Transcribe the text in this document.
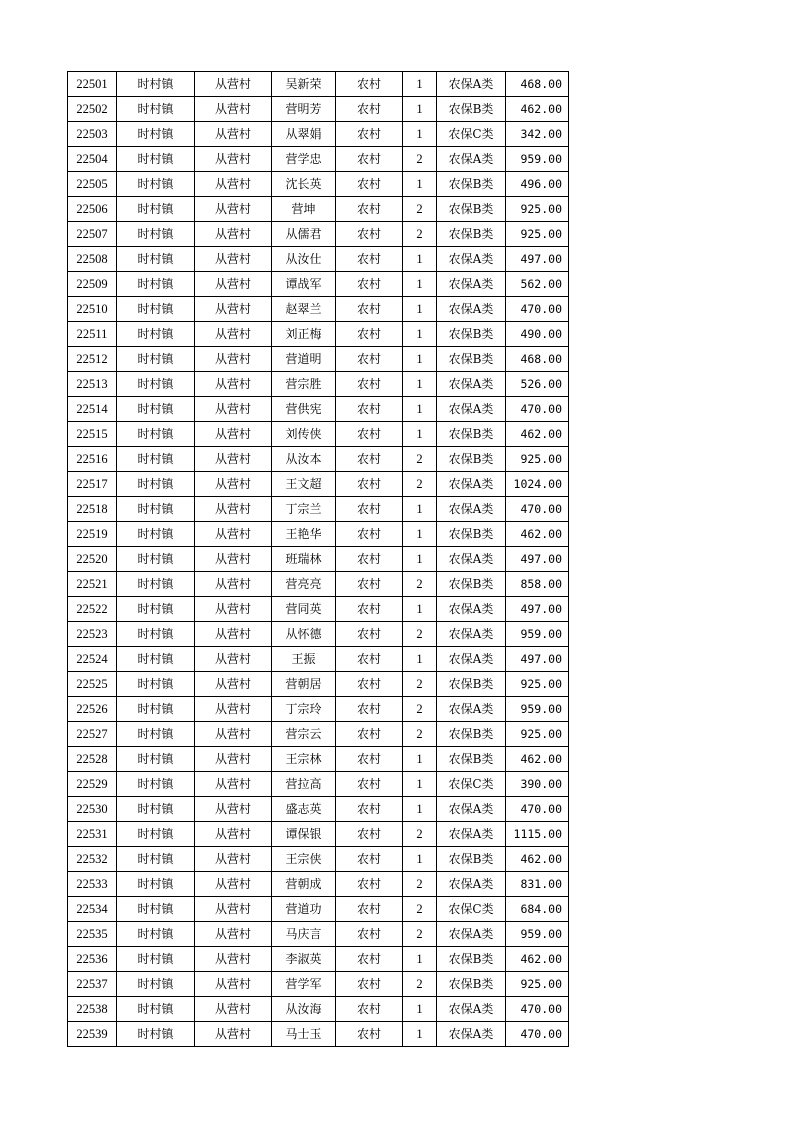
22501	时村镇	从营村	吴新荣	农村	1	农保A类	468.00
22502	时村镇	从营村	营明芳	农村	1	农保B类	462.00
22503	时村镇	从营村	从翠娟	农村	1	农保C类	342.00
22504	时村镇	从营村	营学忠	农村	2	农保A类	959.00
22505	时村镇	从营村	沈长英	农村	1	农保B类	496.00
22506	时村镇	从营村	营坤	农村	2	农保B类	925.00
22507	时村镇	从营村	从儒君	农村	2	农保B类	925.00
22508	时村镇	从营村	从汝仕	农村	1	农保A类	497.00
22509	时村镇	从营村	谭战军	农村	1	农保A类	562.00
22510	时村镇	从营村	赵翠兰	农村	1	农保A类	470.00
22511	时村镇	从营村	刘正梅	农村	1	农保B类	490.00
22512	时村镇	从营村	营道明	农村	1	农保B类	468.00
22513	时村镇	从营村	营宗胜	农村	1	农保A类	526.00
22514	时村镇	从营村	营供宪	农村	1	农保A类	470.00
22515	时村镇	从营村	刘传侠	农村	1	农保B类	462.00
22516	时村镇	从营村	从汝本	农村	2	农保B类	925.00
22517	时村镇	从营村	王文超	农村	2	农保A类	1024.00
22518	时村镇	从营村	丁宗兰	农村	1	农保A类	470.00
22519	时村镇	从营村	王艳华	农村	1	农保B类	462.00
22520	时村镇	从营村	班瑞林	农村	1	农保A类	497.00
22521	时村镇	从营村	营亮亮	农村	2	农保B类	858.00
22522	时村镇	从营村	营同英	农村	1	农保A类	497.00
22523	时村镇	从营村	从怀德	农村	2	农保A类	959.00
22524	时村镇	从营村	王振	农村	1	农保A类	497.00
22525	时村镇	从营村	营朝居	农村	2	农保B类	925.00
22526	时村镇	从营村	丁宗玲	农村	2	农保A类	959.00
22527	时村镇	从营村	营宗云	农村	2	农保B类	925.00
22528	时村镇	从营村	王宗林	农村	1	农保B类	462.00
22529	时村镇	从营村	营拉高	农村	1	农保C类	390.00
22530	时村镇	从营村	盛志英	农村	1	农保A类	470.00
22531	时村镇	从营村	谭保银	农村	2	农保A类	1115.00
22532	时村镇	从营村	王宗侠	农村	1	农保B类	462.00
22533	时村镇	从营村	营朝成	农村	2	农保A类	831.00
22534	时村镇	从营村	营道功	农村	2	农保C类	684.00
22535	时村镇	从营村	马庆言	农村	2	农保A类	959.00
22536	时村镇	从营村	李淑英	农村	1	农保B类	462.00
22537	时村镇	从营村	营学军	农村	2	农保B类	925.00
22538	时村镇	从营村	从汝海	农村	1	农保A类	470.00
22539	时村镇	从营村	马士玉	农村	1	农保A类	470.00
